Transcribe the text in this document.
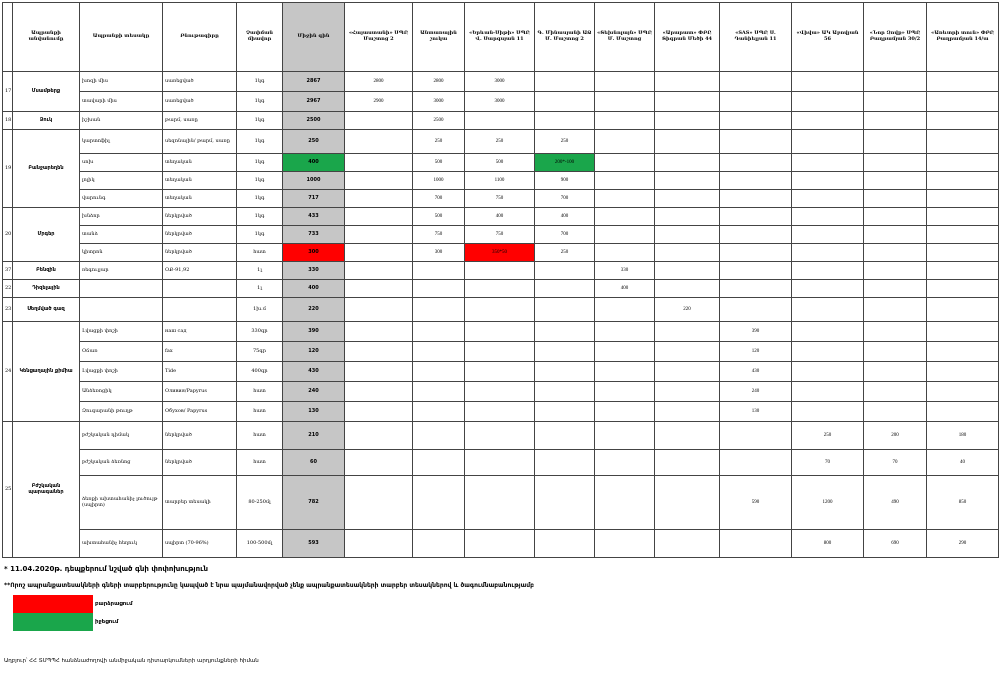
	Ապրանքի անվանումը	Ապրանքի տեսակը	Բնութագիրը	Չափման միավոր	Միջին գին	«Հայաստանի» ՍՊԸ Մաշտոց 2	Անտառային շուկա	«Երևան-Սիթի» ՍՊԸ Վ. Սարգսյան 11	Գ. Մինասյանի ԱՁ Մ. Մաշտոց 2	«Տեխնոլայն» ՍՊԸ Մ. Մաշտոց	«Արարատ» ՓԲԸ Տիգրան Մեծի 44	«SAS» ՍՊԸ Ս. Դանիելյան 11	«Վիվա» ԱԿ Աբովյան 56	«Նոր Զովք» ՍՊԸ Բաղրամյան 30/2	«Առևտրի տուն» ՓԲԸ Բաղրամյան 14/ա
17	Մսամթերք	խոզի միս	սառեցված	1կգ	2867	2800	2800	3000							
		տավարի միս	սառեցված	1կգ	2967	2900	3000	3000							
18	Ձուկ	իշխան	թարմ, սառը	1կգ	2500		2500								
19	Բանջարեղեն	կարտոֆիլ	սեզոնային/ թարմ, սառը	1կգ	250		250	250	250						
		սոխ	տեղական	1կգ	400		500	500	200*-100						
		լոլիկ	տեղական	1կգ	1000		1000	1100	900						
		վարունգ	տեղական	1կգ	717		700	750	700						
20	Մրգեր	խնձոր	ներկրված	1կգ	433		500	400	400						
		տանձ	ներկրված	1կգ	733		750	750	700						
		կիտրոն	ներկրված	հատ	300		300	350*50	250						
37	Բենզին	ռեգուլյար	ՕՔ-91,92	1լ	330					330					
22	Դիզելային			1լ	400					400					
23	Սեղմված գազ			1խ.մ	220						220				
24	Կենցաղային քիմիա	Լվացքի փոշի	наш сад	330գր	390							390			
		Օճառ	fax	75գր	120							120			
		Լվացքի փոշի	Tide	400գր	430							430			
		Անձեռոցիկ	Оливия/Papyrus	հատ	240							240			
		Զուգարանի թուղթ	Обухов/ Papyrus	հատ	130							130			
25	Բժշկական պարագաներ	բժշկական դիմակ	ներկրված	հատ	210								250	200	180
		բժշկական ձեռնոց	ներկրված	հատ	60								70	70	40
		ձեռքի ախտահանիչ լուծույթ (սպիրտ)	տարբեր տեսակի	80-250մլ	782							590	1200	490	850
		ախտահանիչ հեղուկ	սպիրտ (70-96%)	100-500մլ	593								800	690	290
* 11.04.2020թ. դեպքերում նշված գնի փոփոխություն
**Որոշ ապրանքատեսակների գների տարբերությունը կապված է նրա պայմանավորված չենք ապրանքատեսակների տարբեր տեսակներով և ծագումնաբանությամբ
բարձրացում
իջեցում
Աղբյուր՝ ՀՀ ՏՄՊՊՀ հանձնաժողովի անմիջական դիտարկումների արդյունքների հիման
